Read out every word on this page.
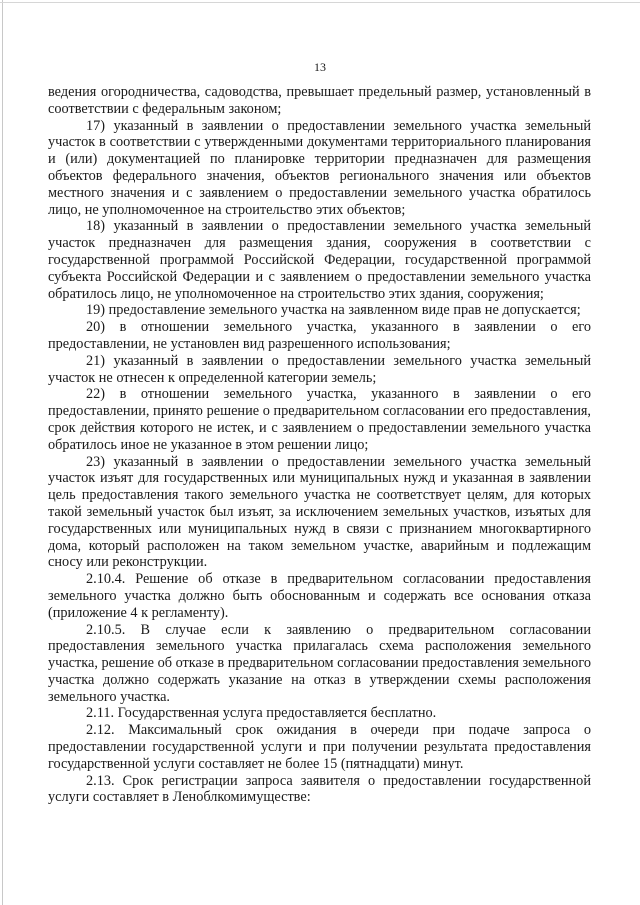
13

ведения огородничества, садоводства, превышает предельный размер, установленный в соответствии с федеральным законом;

17) указанный в заявлении о предоставлении земельного участка земельный участок в соответствии с утвержденными документами территориального планирования и (или) документацией по планировке территории предназначен для размещения объектов федерального значения, объектов регионального значения или объектов местного значения и с заявлением о предоставлении земельного участка обратилось лицо, не уполномоченное на строительство этих объектов;

18) указанный в заявлении о предоставлении земельного участка земельный участок предназначен для размещения здания, сооружения в соответствии с государственной программой Российской Федерации, государственной программой субъекта Российской Федерации и с заявлением о предоставлении земельного участка обратилось лицо, не уполномоченное на строительство этих здания, сооружения;

19) предоставление земельного участка на заявленном виде прав не допускается;

20) в отношении земельного участка, указанного в заявлении о его предоставлении, не установлен вид разрешенного использования;

21) указанный в заявлении о предоставлении земельного участка земельный участок не отнесен к определенной категории земель;

22) в отношении земельного участка, указанного в заявлении о его предоставлении, принято решение о предварительном согласовании его предоставления, срок действия которого не истек, и с заявлением о предоставлении земельного участка обратилось иное не указанное в этом решении лицо;

23) указанный в заявлении о предоставлении земельного участка земельный участок изъят для государственных или муниципальных нужд и указанная в заявлении цель предоставления такого земельного участка не соответствует целям, для которых такой земельный участок был изъят, за исключением земельных участков, изъятых для государственных или муниципальных нужд в связи с признанием многоквартирного дома, который расположен на таком земельном участке, аварийным и подлежащим сносу или реконструкции.

2.10.4. Решение об отказе в предварительном согласовании предоставления земельного участка должно быть обоснованным и содержать все основания отказа (приложение 4 к регламенту).

2.10.5. В случае если к заявлению о предварительном согласовании предоставления земельного участка прилагалась схема расположения земельного участка, решение об отказе в предварительном согласовании предоставления земельного участка должно содержать указание на отказ в утверждении схемы расположения земельного участка.

2.11. Государственная услуга предоставляется бесплатно.

2.12. Максимальный срок ожидания в очереди при подаче запроса о предоставлении государственной услуги и при получении результата предоставления государственной услуги составляет не более 15 (пятнадцати) минут.

2.13. Срок регистрации запроса заявителя о предоставлении государственной услуги составляет в Леноблкомимуществе:
